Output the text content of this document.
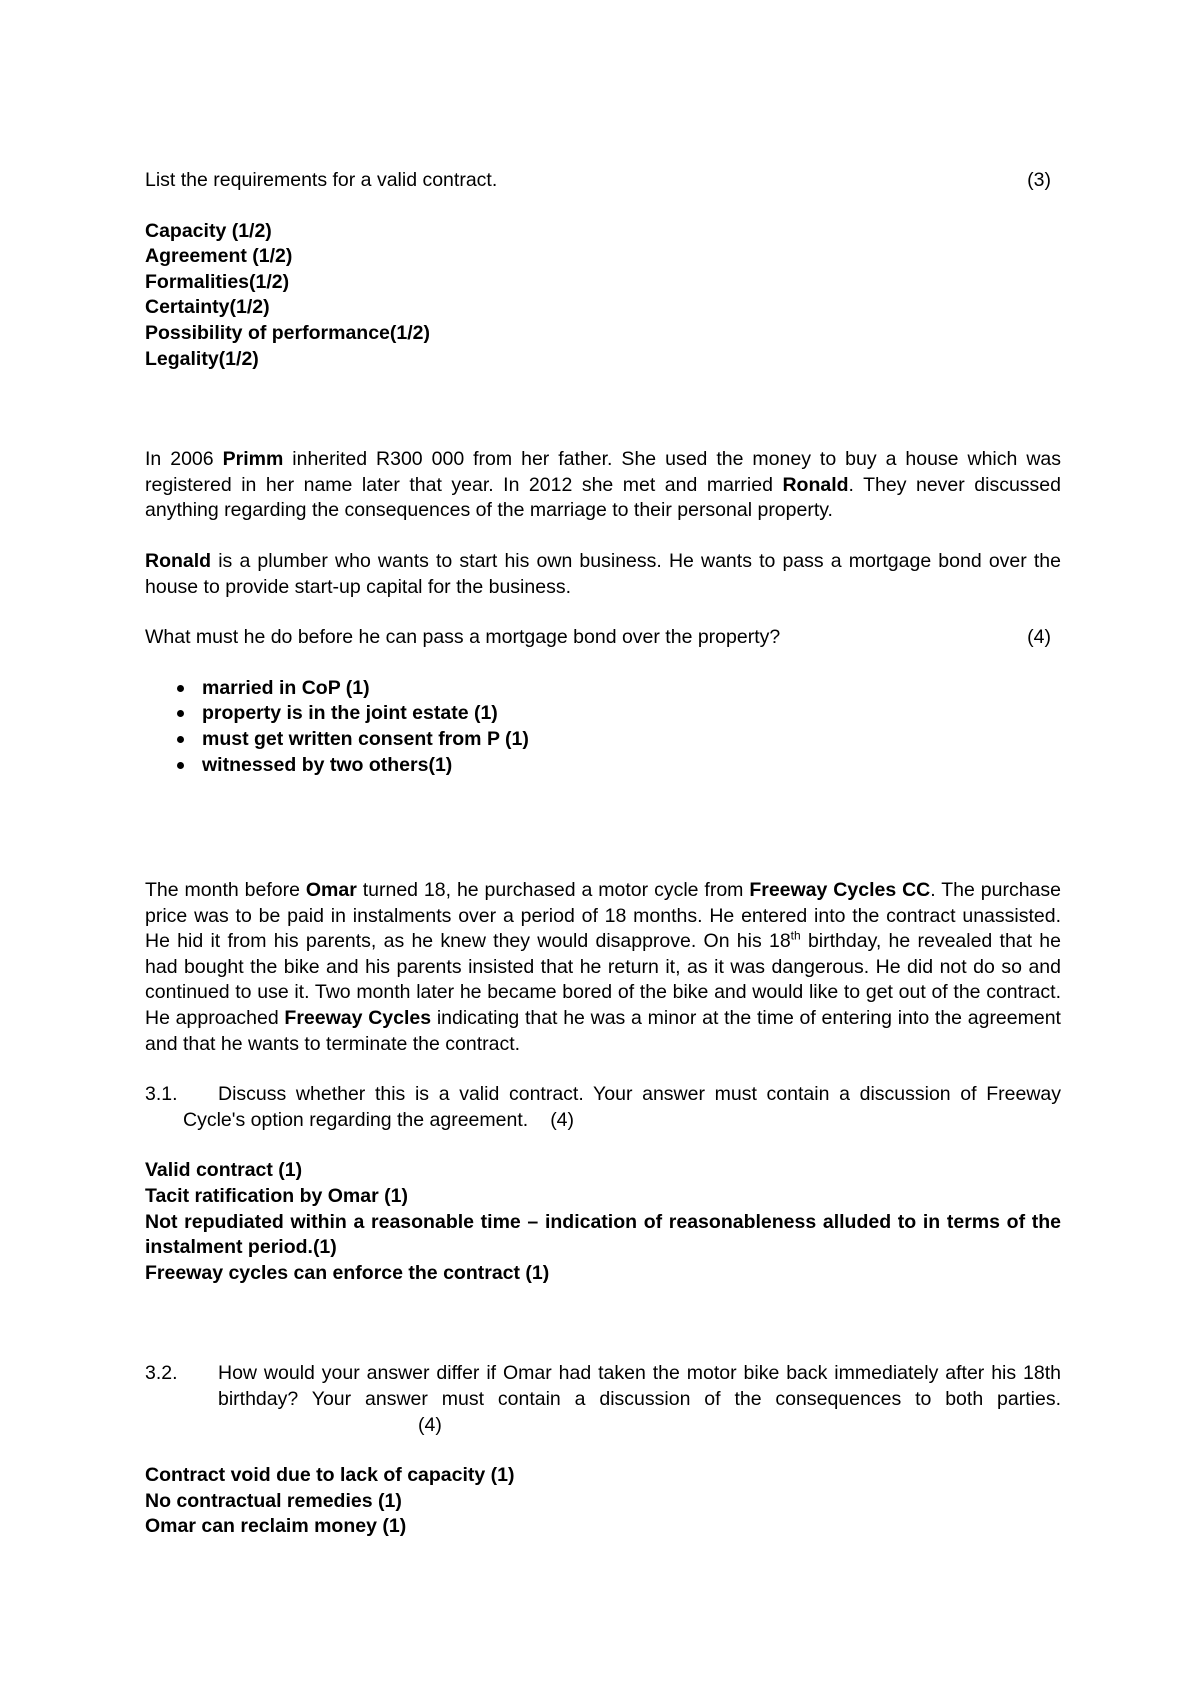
List the requirements for a valid contract.	(3)

Capacity (1/2)

Agreement (1/2)

Formalities(1/2)

Certainty(1/2)

Possibility of performance(1/2)

Legality(1/2)

In 2006 Primm inherited R300 000 from her father. She used the money to buy a house which was registered in her name later that year. In 2012 she met and married Ronald. They never discussed anything regarding the consequences of the marriage to their personal property.

Ronald is a plumber who wants to start his own business. He wants to pass a mortgage bond over the house to provide start-up capital for the business.

What must he do before he can pass a mortgage bond over the property?	(4)
married in CoP (1)
property is in the joint estate (1)
must get written consent from P (1)
witnessed by two others(1)

The month before Omar turned 18, he purchased a motor cycle from Freeway Cycles CC. The purchase price was to be paid in instalments over a period of 18 months. He entered into the contract unassisted. He hid it from his parents, as he knew they would disapprove. On his 18th birthday, he revealed that he had bought the bike and his parents insisted that he return it, as it was dangerous. He did not do so and continued to use it. Two month later he became bored of the bike and would like to get out of the contract. He approached Freeway Cycles indicating that he was a minor at the time of entering into the agreement and that he wants to terminate the contract.

3.1. Discuss whether this is a valid contract. Your answer must contain a discussion of Freeway Cycle's option regarding the agreement. (4)

Valid contract (1)

Tacit ratification by Omar (1)

Not repudiated within a reasonable time – indication of reasonableness alluded to in terms of the instalment period.(1)

Freeway cycles can enforce the contract (1)

3.2.	How would your answer differ if Omar had taken the motor bike back immediately after his 18th birthday? Your answer must contain a discussion of the consequences to both parties.(4)

Contract void due to lack of capacity (1)

No contractual remedies (1)

Omar can reclaim money (1)
